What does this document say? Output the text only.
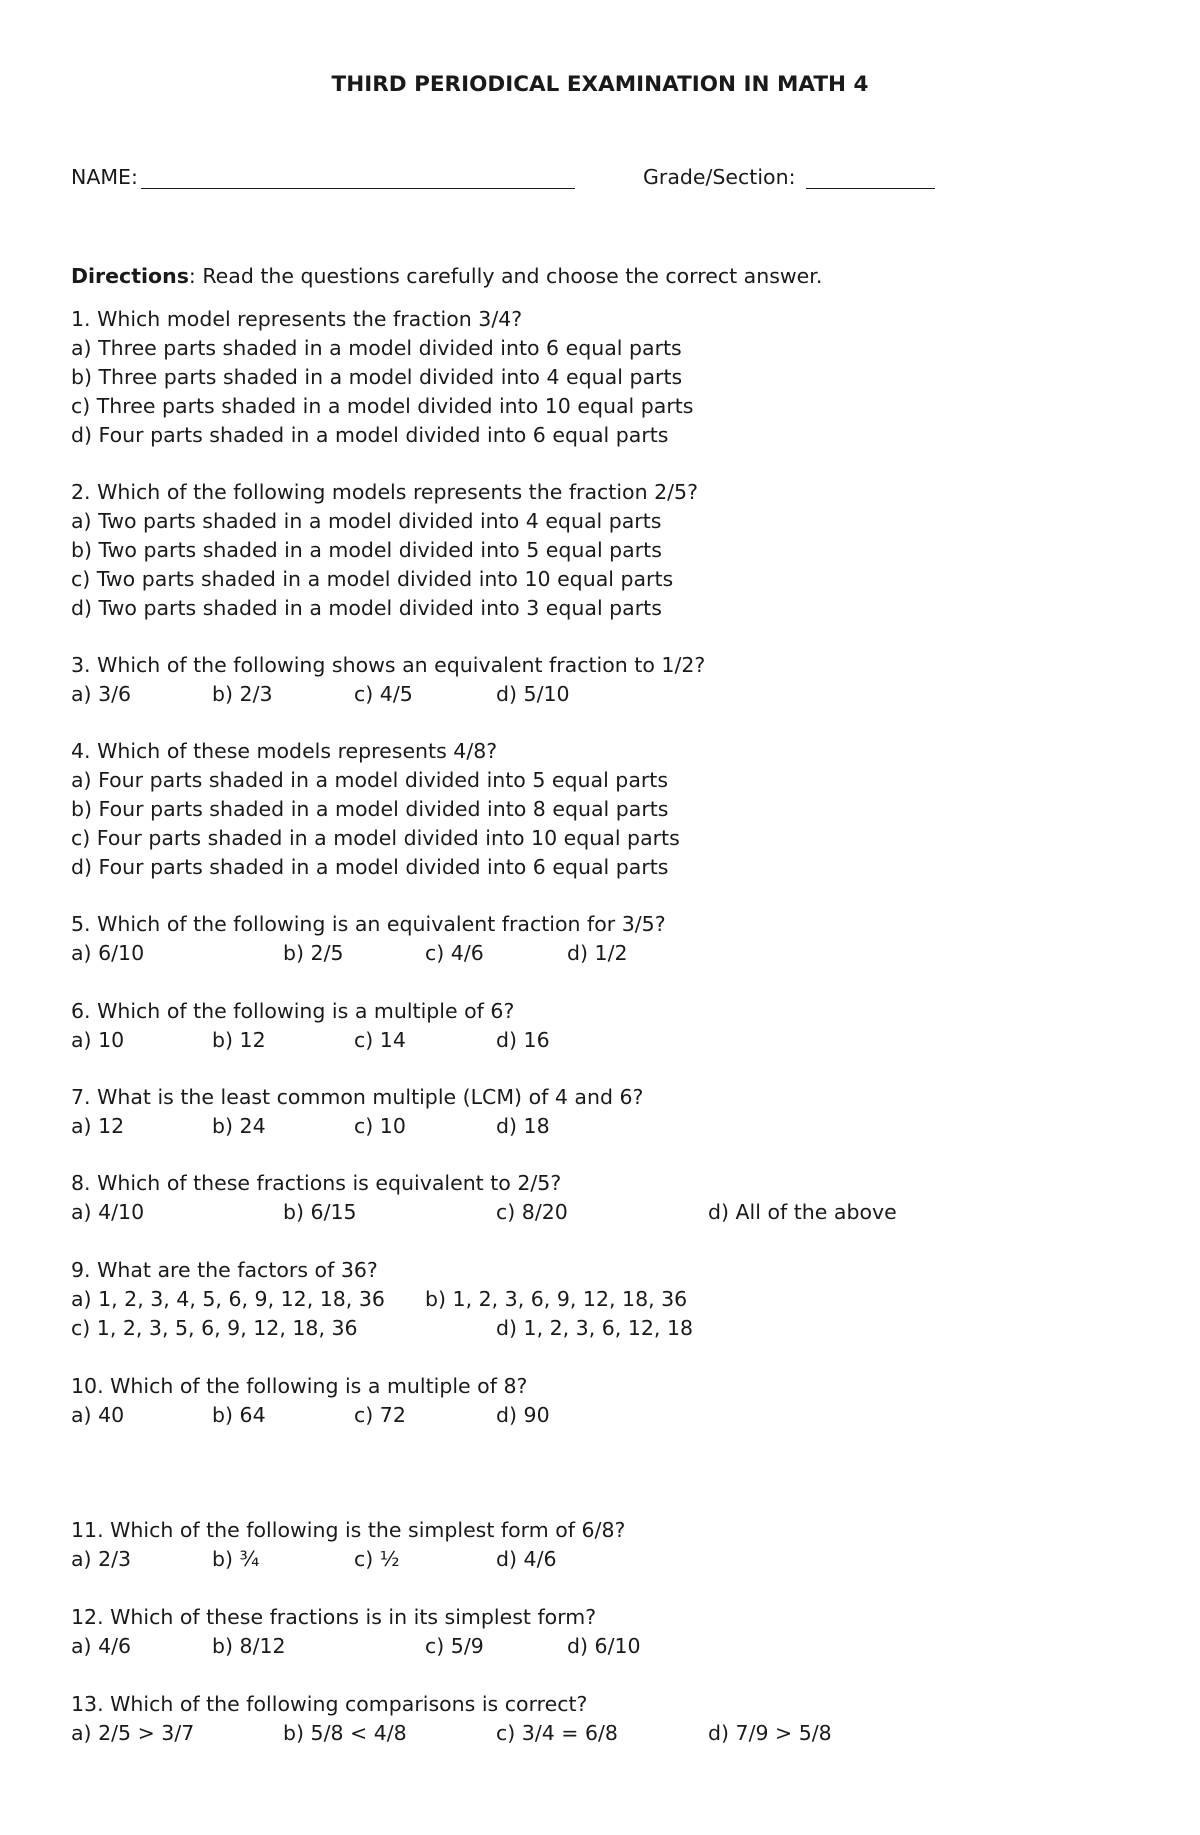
THIRD PERIODICAL EXAMINATION IN MATH 4
NAME:	Grade/Section:
Directions: Read the questions carefully and choose the correct answer.
1. Which model represents the fraction 3/4?
a) Three parts shaded in a model divided into 6 equal parts
b) Three parts shaded in a model divided into 4 equal parts
c) Three parts shaded in a model divided into 10 equal parts
d) Four parts shaded in a model divided into 6 equal parts
2. Which of the following models represents the fraction 2/5?
a) Two parts shaded in a model divided into 4 equal parts
b) Two parts shaded in a model divided into 5 equal parts
c) Two parts shaded in a model divided into 10 equal parts
d) Two parts shaded in a model divided into 3 equal parts
3. Which of the following shows an equivalent fraction to 1/2?
a) 3/6	b) 2/3	c) 4/5	d) 5/10
4. Which of these models represents 4/8?
a) Four parts shaded in a model divided into 5 equal parts
b) Four parts shaded in a model divided into 8 equal parts
c) Four parts shaded in a model divided into 10 equal parts
d) Four parts shaded in a model divided into 6 equal parts
5. Which of the following is an equivalent fraction for 3/5?
a) 6/10	b) 2/5	c) 4/6	d) 1/2
6. Which of the following is a multiple of 6?
a) 10	b) 12	c) 14	d) 16
7. What is the least common multiple (LCM) of 4 and 6?
a) 12	b) 24	c) 10	d) 18
8. Which of these fractions is equivalent to 2/5?
a) 4/10	b) 6/15	c) 8/20	d) All of the above
9. What are the factors of 36?
a) 1, 2, 3, 4, 5, 6, 9, 12, 18, 36 b) 1, 2, 3, 6, 9, 12, 18, 36
c) 1, 2, 3, 5, 6, 9, 12, 18, 36	d) 1, 2, 3, 6, 12, 18
10. Which of the following is a multiple of 8?
a) 40	b) 64	c) 72	d) 90
11. Which of the following is the simplest form of 6/8?
a) 2/3	b) ¾	c) ½	d) 4/6
12. Which of these fractions is in its simplest form?
a) 4/6	b) 8/12	c) 5/9	d) 6/10
13. Which of the following comparisons is correct?
a) 2/5 > 3/7	b) 5/8 < 4/8	c) 3/4 = 6/8	d) 7/9 > 5/8
